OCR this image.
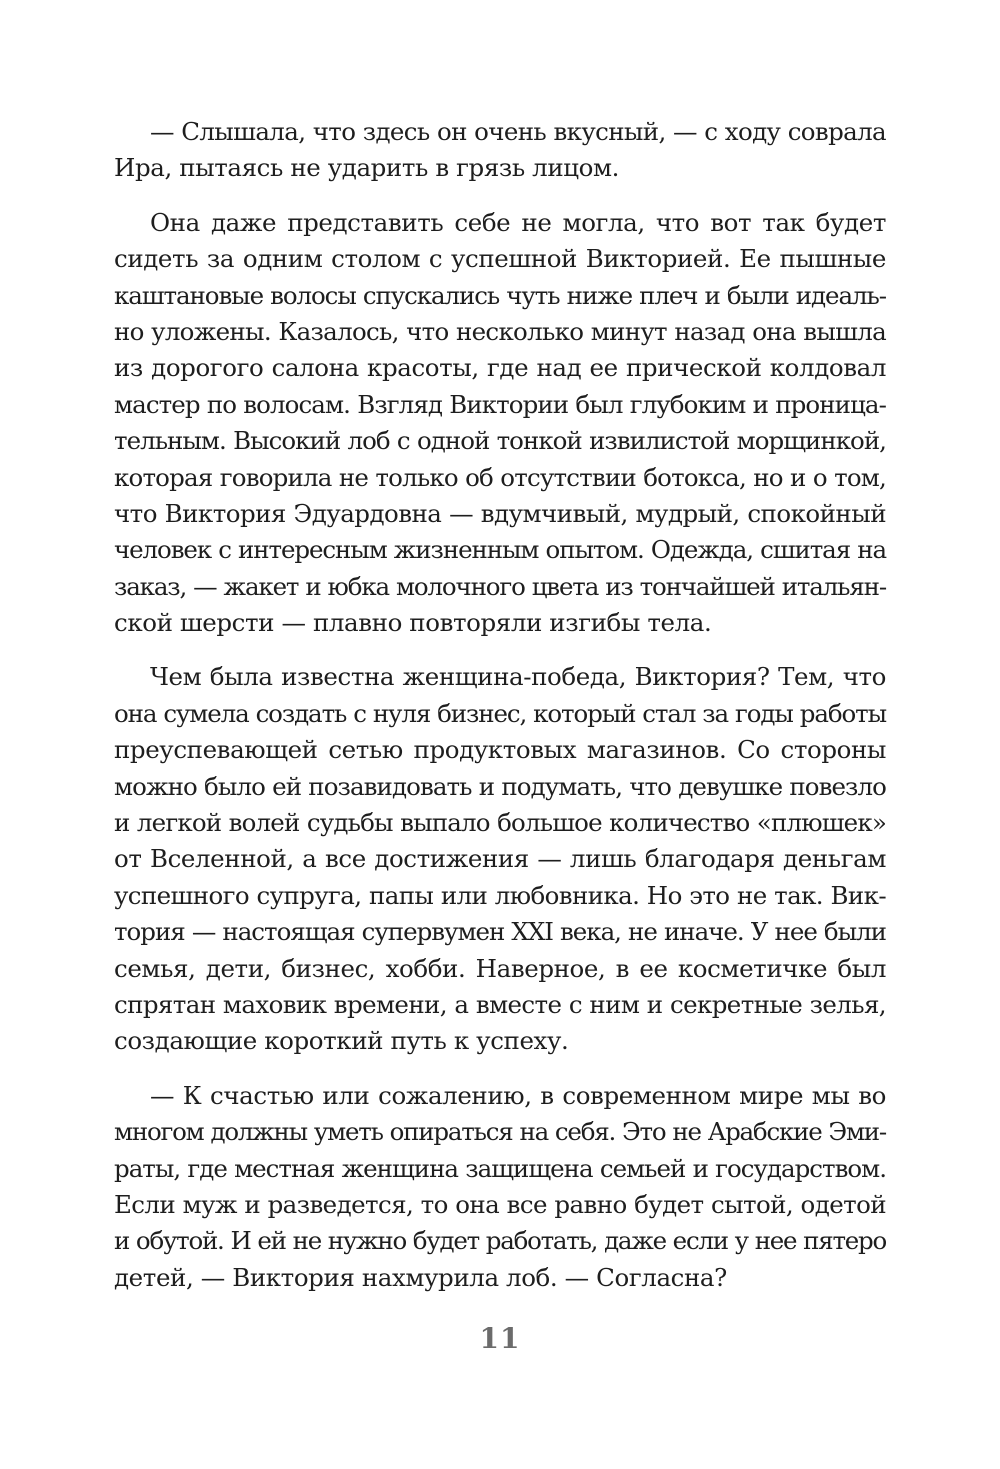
— Слышала, что здесь он очень вкусный, — с ходу соврала
Ира, пытаясь не ударить в грязь лицом.
Она даже представить себе не могла, что вот так будет
сидеть за одним столом с успешной Викторией. Ее пышные
каштановые волосы спускались чуть ниже плеч и были идеаль-
но уложены. Казалось, что несколько минут назад она вышла
из дорогого салона красоты, где над ее прической колдовал
мастер по волосам. Взгляд Виктории был глубоким и проница-
тельным. Высокий лоб с одной тонкой извилистой морщинкой,
которая говорила не только об отсутствии ботокса, но и о том,
что Виктория Эдуардовна — вдумчивый, мудрый, спокойный
человек с интересным жизненным опытом. Одежда, сшитая на
заказ, — жакет и юбка молочного цвета из тончайшей итальян-
ской шерсти — плавно повторяли изгибы тела.
Чем была известна женщина-победа, Виктория? Тем, что
она сумела создать с нуля бизнес, который стал за годы работы
преуспевающей сетью продуктовых магазинов. Со стороны
можно было ей позавидовать и подумать, что девушке повезло
и легкой волей судьбы выпало большое количество «плюшек»
от Вселенной, а все достижения — лишь благодаря деньгам
успешного супруга, папы или любовника. Но это не так. Вик-
тория — настоящая супервумен XXI века, не иначе. У нее были
семья, дети, бизнес, хобби. Наверное, в ее косметичке был
спрятан маховик времени, а вместе с ним и секретные зелья,
создающие короткий путь к успеху.
— К счастью или сожалению, в современном мире мы во
многом должны уметь опираться на себя. Это не Арабские Эми-
раты, где местная женщина защищена семьей и государством.
Если муж и разведется, то она все равно будет сытой, одетой
и обутой. И ей не нужно будет работать, даже если у нее пятеро
детей, — Виктория нахмурила лоб. — Согласна?
11
